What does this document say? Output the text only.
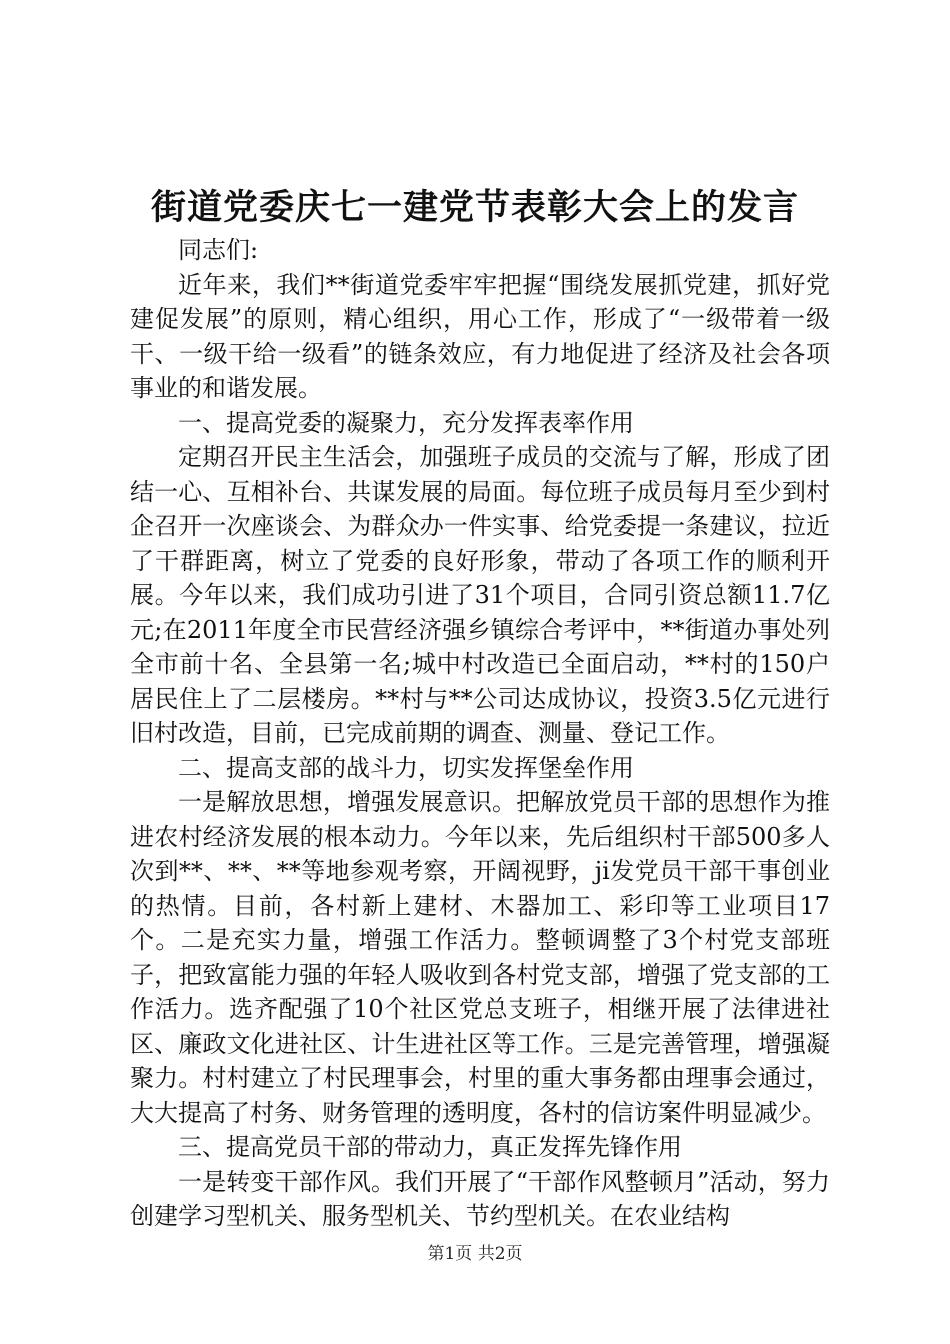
街道党委庆七一建党节表彰大会上的发言

同志们:

近年来，我们**街道党委牢牢把握“围绕发展抓党建，抓好党建促发展”的原则，精心组织，用心工作，形成了“一级带着一级干、一级干给一级看”的链条效应，有力地促进了经济及社会各项事业的和谐发展。

一、提高党委的凝聚力，充分发挥表率作用

定期召开民主生活会，加强班子成员的交流与了解，形成了团结一心、互相补台、共谋发展的局面。每位班子成员每月至少到村企召开一次座谈会、为群众办一件实事、给党委提一条建议，拉近了干群距离，树立了党委的良好形象，带动了各项工作的顺利开展。今年以来，我们成功引进了31个项目，合同引资总额11.7亿元;在2011年度全市民营经济强乡镇综合考评中，**街道办事处列全市前十名、全县第一名;城中村改造已全面启动，**村的150户居民住上了二层楼房。**村与**公司达成协议，投资3.5亿元进行旧村改造，目前，已完成前期的调查、测量、登记工作。

二、提高支部的战斗力，切实发挥堡垒作用

一是解放思想，增强发展意识。把解放党员干部的思想作为推进农村经济发展的根本动力。今年以来，先后组织村干部500多人次到**、**、**等地参观考察，开阔视野，ji发党员干部干事创业的热情。目前，各村新上建材、木器加工、彩印等工业项目17个。二是充实力量，增强工作活力。整顿调整了3个村党支部班子，把致富能力强的年轻人吸收到各村党支部，增强了党支部的工作活力。选齐配强了10个社区党总支班子，相继开展了法律进社区、廉政文化进社区、计生进社区等工作。三是完善管理，增强凝聚力。村村建立了村民理事会，村里的重大事务都由理事会通过，大大提高了村务、财务管理的透明度，各村的信访案件明显减少。

三、提高党员干部的带动力，真正发挥先锋作用

一是转变干部作风。我们开展了“干部作风整顿月”活动，努力创建学习型机关、服务型机关、节约型机关。在农业结构

第1页 共2页
